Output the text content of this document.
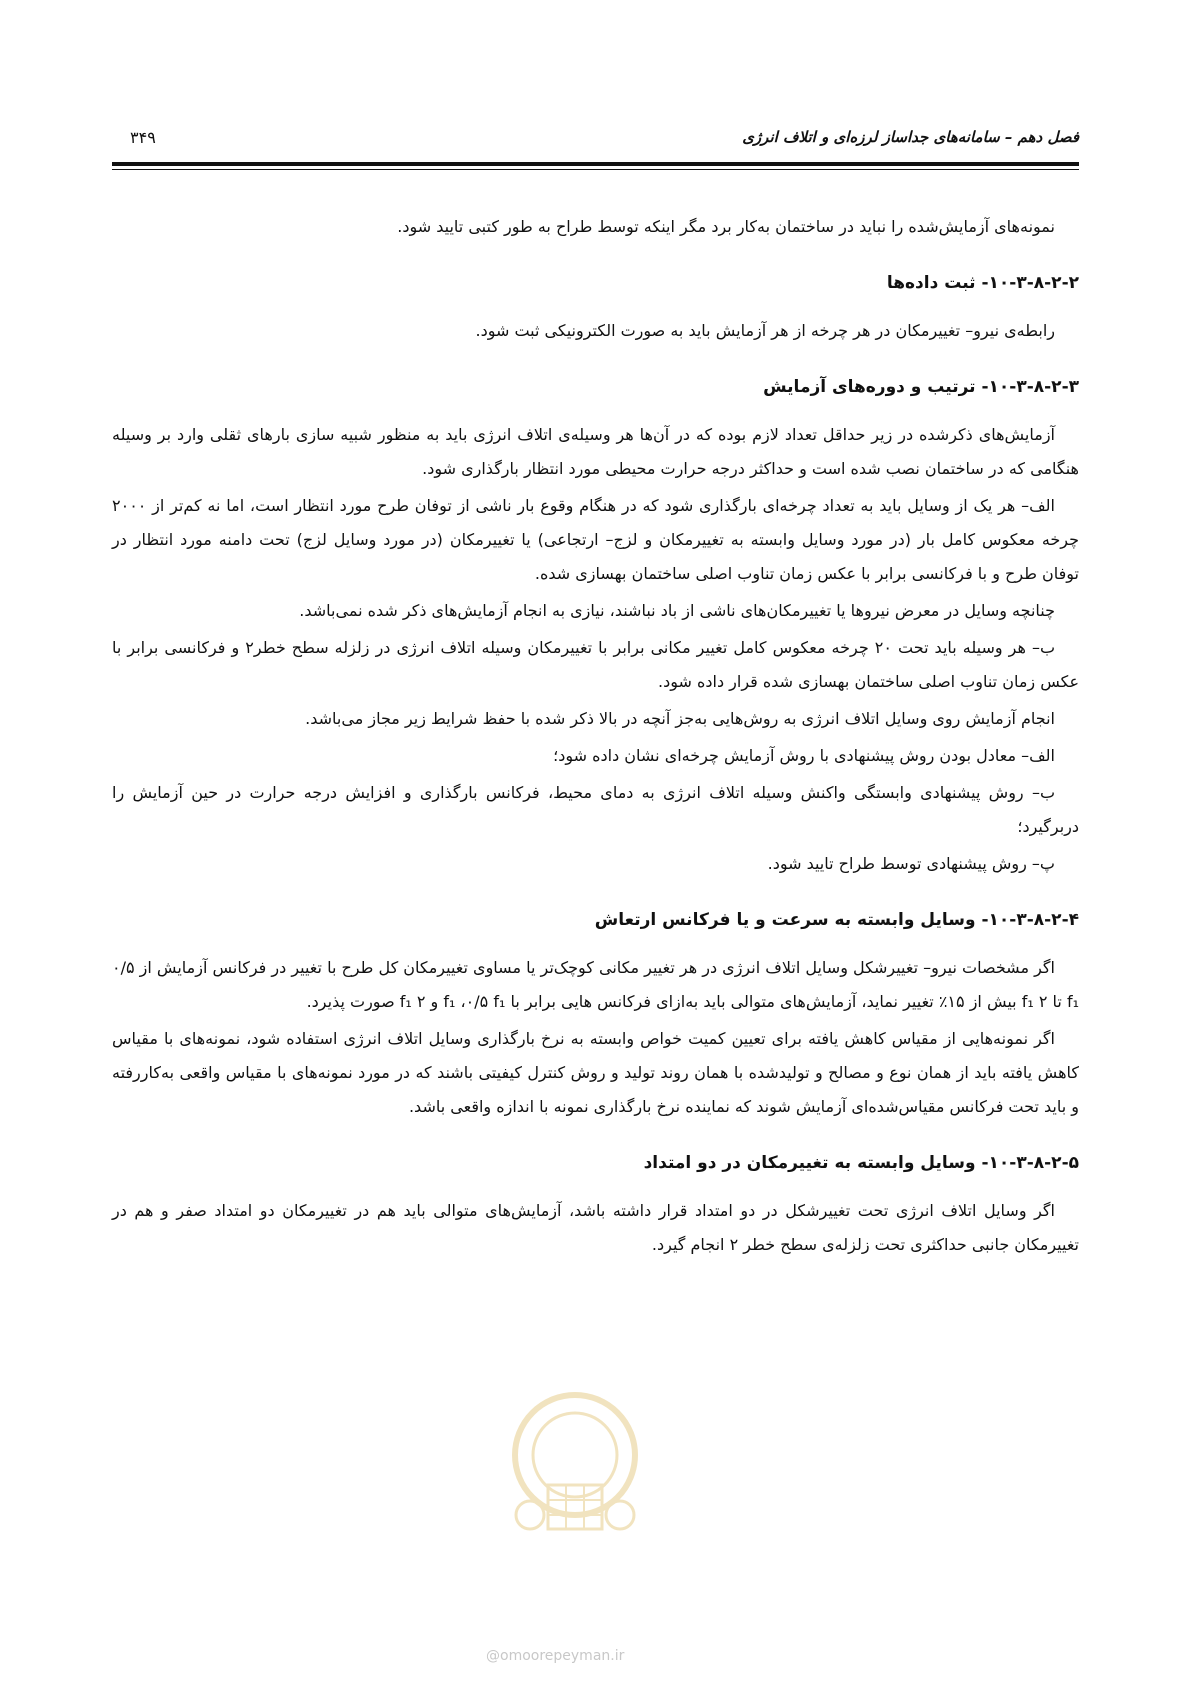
فصل دهم – سامانه‌های جداساز لرزه‌ای و اتلاف انرژی
۳۴۹

نمونه‌های آزمایش‌شده را نباید در ساختمان به‌کار برد مگر اینکه توسط طراح به طور کتبی تایید شود.

۱۰-۳-۸-۲-۲- ثبت داده‌ها

رابطه‌ی نیرو– تغییرمکان در هر چرخه از هر آزمایش باید به صورت الکترونیکی ثبت شود.

۱۰-۳-۸-۲-۳- ترتیب و دوره‌های آزمایش

آزمایش‌های ذکرشده در زیر حداقل تعداد لازم بوده که در آن‌ها هر وسیله‌ی اتلاف انرژی باید به منظور شبیه سازی بارهای ثقلی وارد بر وسیله هنگامی که در ساختمان نصب شده است و حداکثر درجه حرارت محیطی مورد انتظار بارگذاری شود.

الف– هر یک از وسایل باید به تعداد چرخه‌ای بارگذاری شود که در هنگام وقوع بار ناشی از توفان طرح مورد انتظار است، اما نه کم‌تر از ۲۰۰۰ چرخه معکوس کامل بار (در مورد وسایل وابسته به تغییرمکان و لزج– ارتجاعی) یا تغییرمکان (در مورد وسایل لزج) تحت دامنه مورد انتظار در توفان طرح و با فرکانسی برابر با عکس زمان تناوب اصلی ساختمان بهسازی شده.

چنانچه وسایل در معرض نیروها یا تغییرمکان‌های ناشی از باد نباشند، نیازی به انجام آزمایش‌های ذکر شده نمی‌باشد.

ب– هر وسیله باید تحت ۲۰ چرخه معکوس کامل تغییر مکانی برابر با تغییرمکان وسیله اتلاف انرژی در زلزله سطح خطر۲ و فرکانسی برابر با عکس زمان تناوب اصلی ساختمان بهسازی شده قرار داده شود.

انجام آزمایش روی وسایل اتلاف انرژی به روش‌هایی به‌جز آنچه در بالا ذکر شده با حفظ شرایط زیر مجاز می‌باشد.

الف– معادل بودن روش پیشنهادی با روش آزمایش چرخه‌ای نشان داده شود؛

ب– روش پیشنهادی وابستگی واکنش وسیله اتلاف انرژی به دمای محیط، فرکانس بارگذاری و افزایش درجه حرارت در حین آزمایش را دربرگیرد؛

پ– روش پیشنهادی توسط طراح تایید شود.

۱۰-۳-۸-۲-۴- وسایل وابسته به سرعت و یا فرکانس ارتعاش

اگر مشخصات نیرو– تغییرشکل وسایل اتلاف انرژی در هر تغییر مکانی کوچک‌تر یا مساوی تغییرمکان کل طرح با تغییر در فرکانس آزمایش از ۰/۵ f₁ تا ۲ f₁ بیش از ۱۵٪ تغییر نماید، آزمایش‌های متوالی باید به‌ازای فرکانس هایی برابر با f₁ ،۰/۵ f₁ و ۲ f₁ صورت پذیرد.

اگر نمونه‌هایی از مقیاس کاهش یافته برای تعیین کمیت خواص وابسته به نرخ بارگذاری وسایل اتلاف انرژی استفاده شود، نمونه‌های با مقیاس کاهش یافته باید از همان نوع و مصالح و تولیدشده با همان روند تولید و روش کنترل کیفیتی باشند که در مورد نمونه‌های با مقیاس واقعی به‌کاررفته و باید تحت فرکانس مقیاس‌شده‌ای آزمایش شوند که نماینده نرخ بارگذاری نمونه با اندازه واقعی باشد.

۱۰-۳-۸-۲-۵- وسایل وابسته به تغییرمکان در دو امتداد

اگر وسایل اتلاف انرژی تحت تغییرشکل در دو امتداد قرار داشته باشد، آزمایش‌های متوالی باید هم در تغییرمکان دو امتداد صفر و هم در تغییرمکان جانبی حداکثری تحت زلزله‌ی سطح خطر ۲ انجام گیرد.

@omoorepeyman.ir
